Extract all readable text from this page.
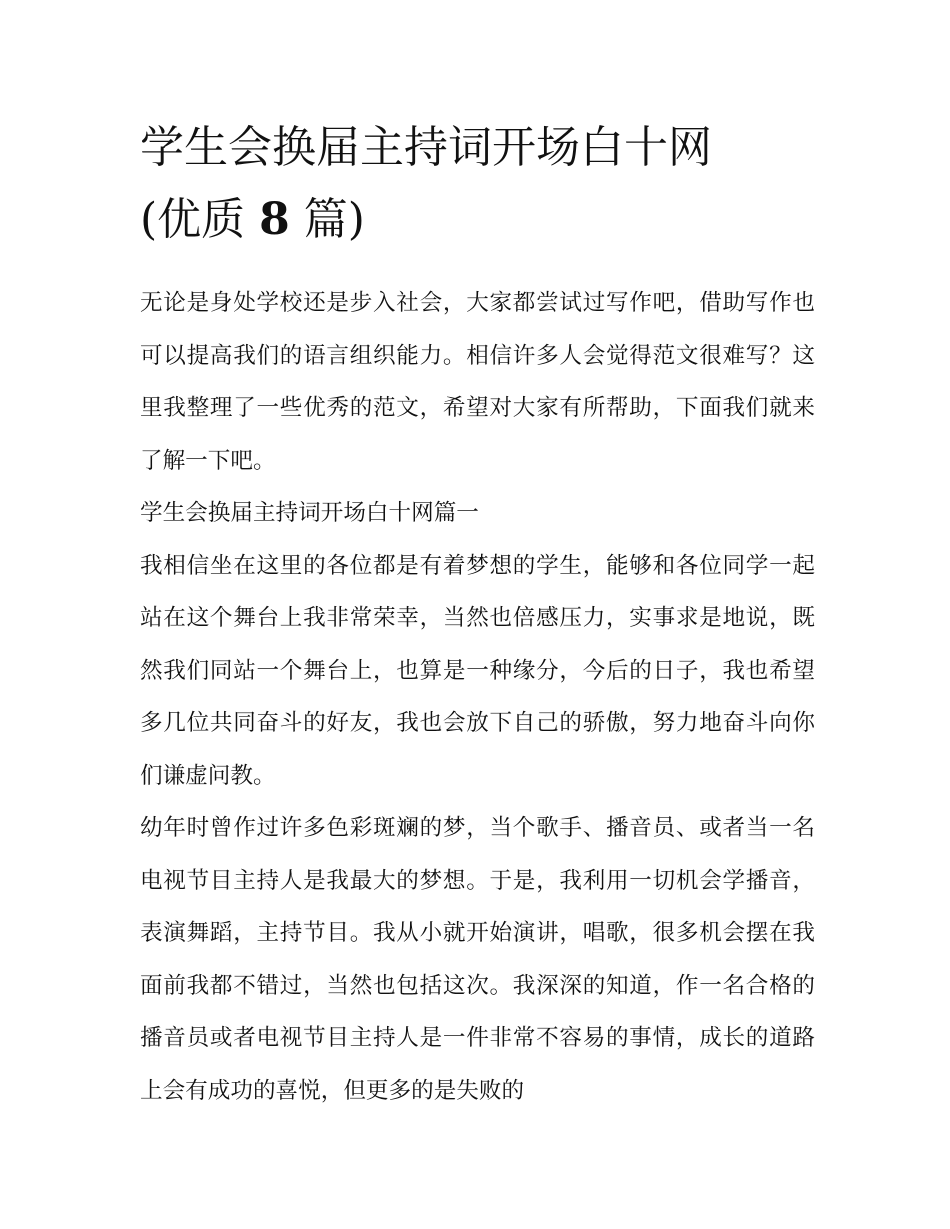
学生会换届主持词开场白十网
(优质 8 篇)

无论是身处学校还是步入社会，大家都尝试过写作吧，借助写作也可以提高我们的语言组织能力。相信许多人会觉得范文很难写？这里我整理了一些优秀的范文，希望对大家有所帮助，下面我们就来了解一下吧。

学生会换届主持词开场白十网篇一

我相信坐在这里的各位都是有着梦想的学生，能够和各位同学一起站在这个舞台上我非常荣幸，当然也倍感压力，实事求是地说，既然我们同站一个舞台上，也算是一种缘分，今后的日子，我也希望多几位共同奋斗的好友，我也会放下自己的骄傲，努力地奋斗向你们谦虚问教。

幼年时曾作过许多色彩斑斓的梦，当个歌手、播音员、或者当一名电视节目主持人是我最大的梦想。于是，我利用一切机会学播音，表演舞蹈，主持节目。我从小就开始演讲，唱歌，很多机会摆在我面前我都不错过，当然也包括这次。我深深的知道，作一名合格的播音员或者电视节目主持人是一件非常不容易的事情，成长的道路上会有成功的喜悦，但更多的是失败的
